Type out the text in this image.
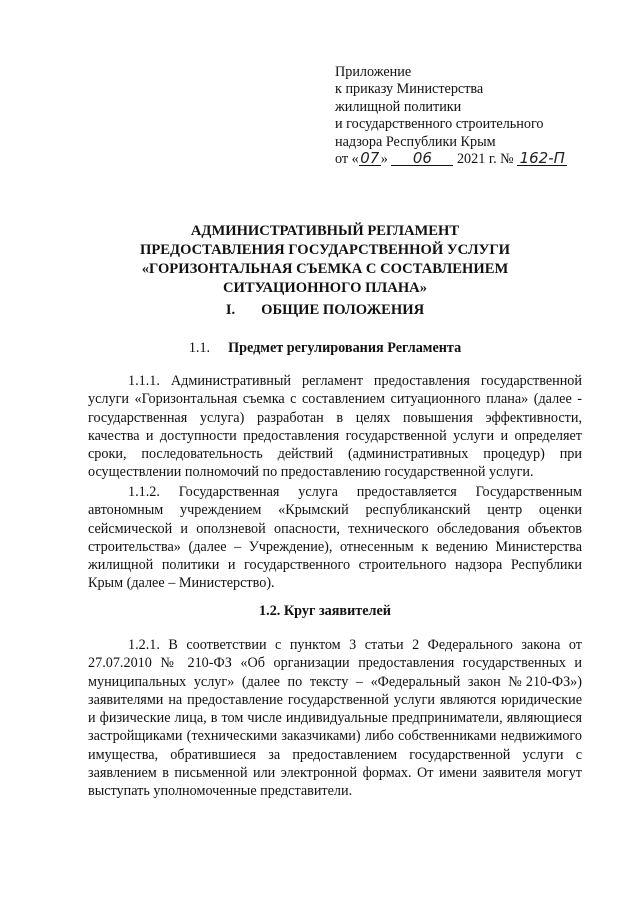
Приложение
к приказу Министерства
жилищной политики
и государственного строительного
надзора Республики Крым
от «07» 06 2021 г. № 162-П
АДМИНИСТРАТИВНЫЙ РЕГЛАМЕНТ
ПРЕДОСТАВЛЕНИЯ ГОСУДАРСТВЕННОЙ УСЛУГИ
«ГОРИЗОНТАЛЬНАЯ СЪЕМКА С СОСТАВЛЕНИЕМ
СИТУАЦИОННОГО ПЛАНА»
I. ОБЩИЕ ПОЛОЖЕНИЯ
1.1. Предмет регулирования Регламента

1.1.1. Административный регламент предоставления государственной услуги «Горизонтальная съемка с составлением ситуационного плана» (далее - государственная услуга) разработан в целях повышения эффективности, качества и доступности предоставления государственной услуги и определяет сроки, последовательность действий (административных процедур) при осуществлении полномочий по предоставлению государственной услуги.

1.1.2. Государственная услуга предоставляется Государственным автономным учреждением «Крымский республиканский центр оценки сейсмической и оползневой опасности, технического обследования объектов строительства» (далее – Учреждение), отнесенным к ведению Министерства жилищной политики и государственного строительного надзора Республики Крым (далее – Министерство).

1.2. Круг заявителей

1.2.1. В соответствии с пунктом 3 статьи 2 Федерального закона от 27.07.2010 № 210-ФЗ «Об организации предоставления государственных и муниципальных услуг» (далее по тексту – «Федеральный закон №210-ФЗ») заявителями на предоставление государственной услуги являются юридические и физические лица, в том числе индивидуальные предприниматели, являющиеся застройщиками (техническими заказчиками) либо собственниками недвижимого имущества, обратившиеся за предоставлением государственной услуги с заявлением в письменной или электронной формах. От имени заявителя могут выступать уполномоченные представители.
